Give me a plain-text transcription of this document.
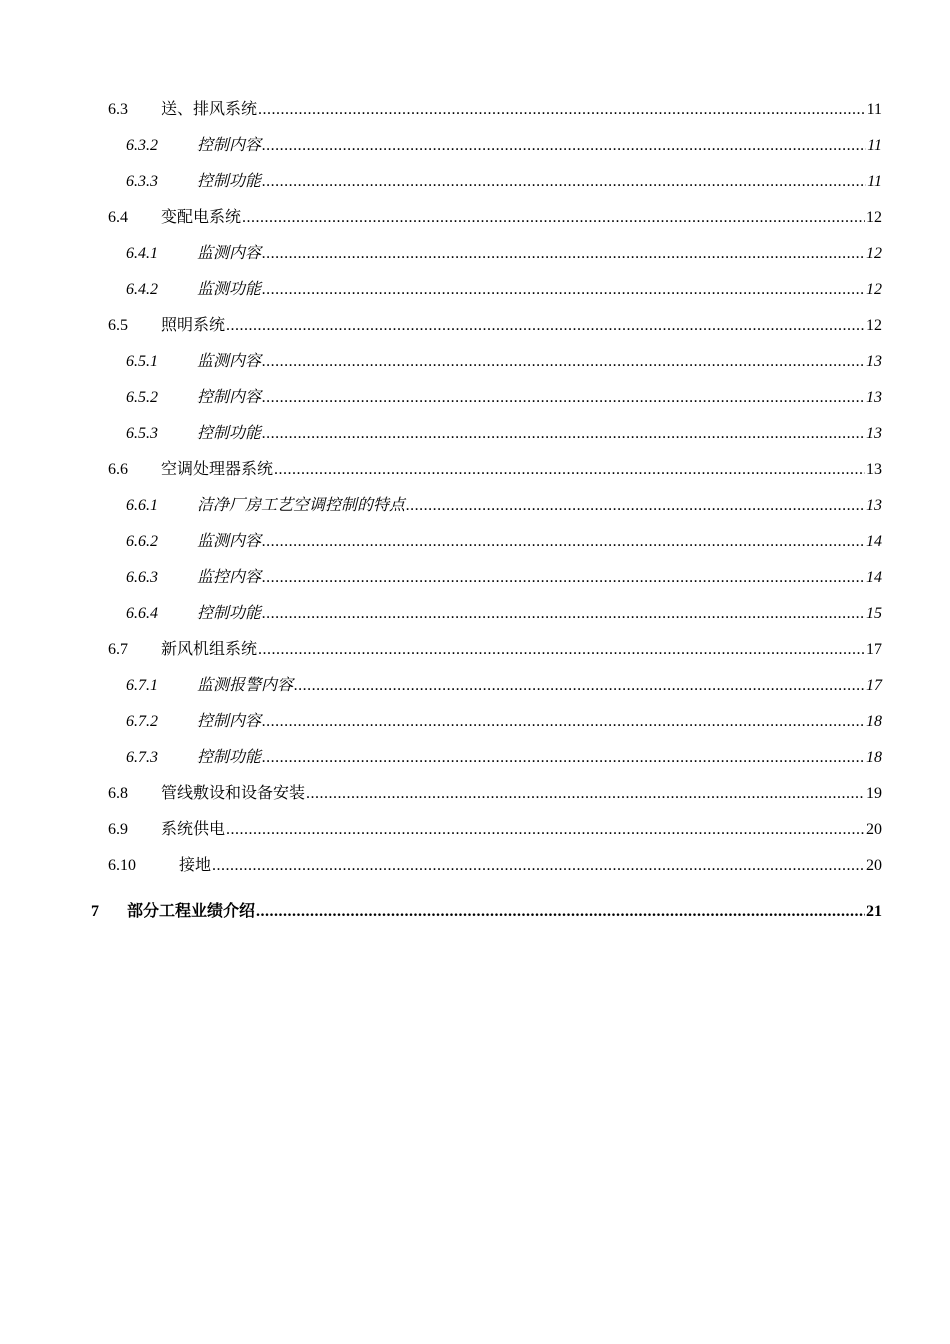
6.3	送、排风系统 .....	11
6.3.2	控制内容 .....	11
6.3.3	控制功能 .....	11
6.4	变配电系统 .....	12
6.4.1	监测内容 .....	12
6.4.2	监测功能 .....	12
6.5	照明系统 .....	12
6.5.1	监测内容 .....	13
6.5.2	控制内容 .....	13
6.5.3	控制功能 .....	13
6.6	空调处理器系统 .....	13
6.6.1	洁净厂房工艺空调控制的特点 .....	13
6.6.2	监测内容 .....	14
6.6.3	监控内容 .....	14
6.6.4	控制功能 .....	15
6.7	新风机组系统 .....	17
6.7.1	监测报警内容 .....	17
6.7.2	控制内容 .....	18
6.7.3	控制功能 .....	18
6.8	管线敷设和设备安装 .....	19
6.9	系统供电 .....	20
6.10	接地 .....	20
7	部分工程业绩介绍 .....	21
